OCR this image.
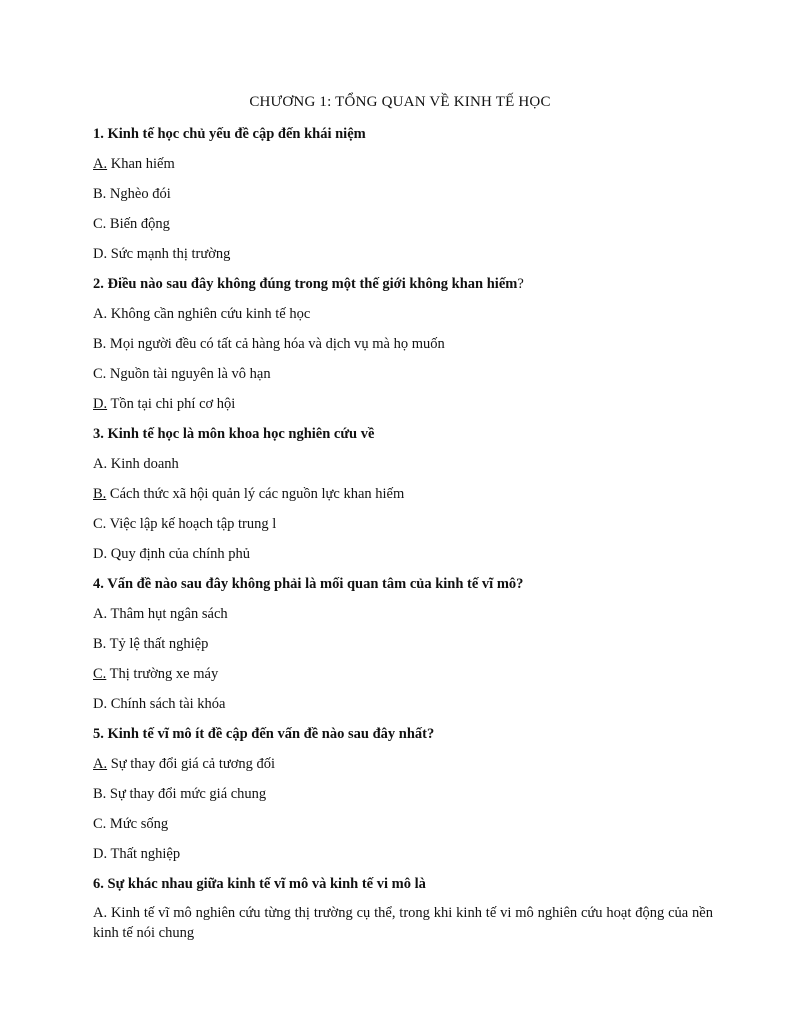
CHƯƠNG 1: TỔNG QUAN VỀ KINH TẾ HỌC
1. Kinh tế học chủ yếu đề cập đến khái niệm
A. Khan hiếm
B. Nghèo đói
C. Biến động
D. Sức mạnh thị trường
2. Điều nào sau đây không đúng trong một thế giới không khan hiếm?
A. Không cần nghiên cứu kinh tế học
B. Mọi người đều có tất cả hàng hóa và dịch vụ mà họ muốn
C. Nguồn tài nguyên là vô hạn
D. Tồn tại chi phí cơ hội
3. Kinh tế học là môn khoa học nghiên cứu về
A. Kinh doanh
B. Cách thức xã hội quản lý các nguồn lực khan hiếm
C. Việc lập kế hoạch tập trung l
D. Quy định của chính phủ
4. Vấn đề nào sau đây không phải là mối quan tâm của kinh tế vĩ mô?
A. Thâm hụt ngân sách
B. Tỷ lệ thất nghiệp
C. Thị trường xe máy
D. Chính sách tài khóa
5. Kinh tế vĩ mô ít đề cập đến vấn đề nào sau đây nhất?
A. Sự thay đổi giá cả tương đối
B. Sự thay đổi mức giá chung
C. Mức sống
D. Thất nghiệp
6. Sự khác nhau giữa kinh tế vĩ mô và kinh tế vi mô là
A. Kinh tế vĩ mô nghiên cứu từng thị trường cụ thể, trong khi kinh tế vi mô nghiên cứu hoạt động của nền kinh tế nói chung
